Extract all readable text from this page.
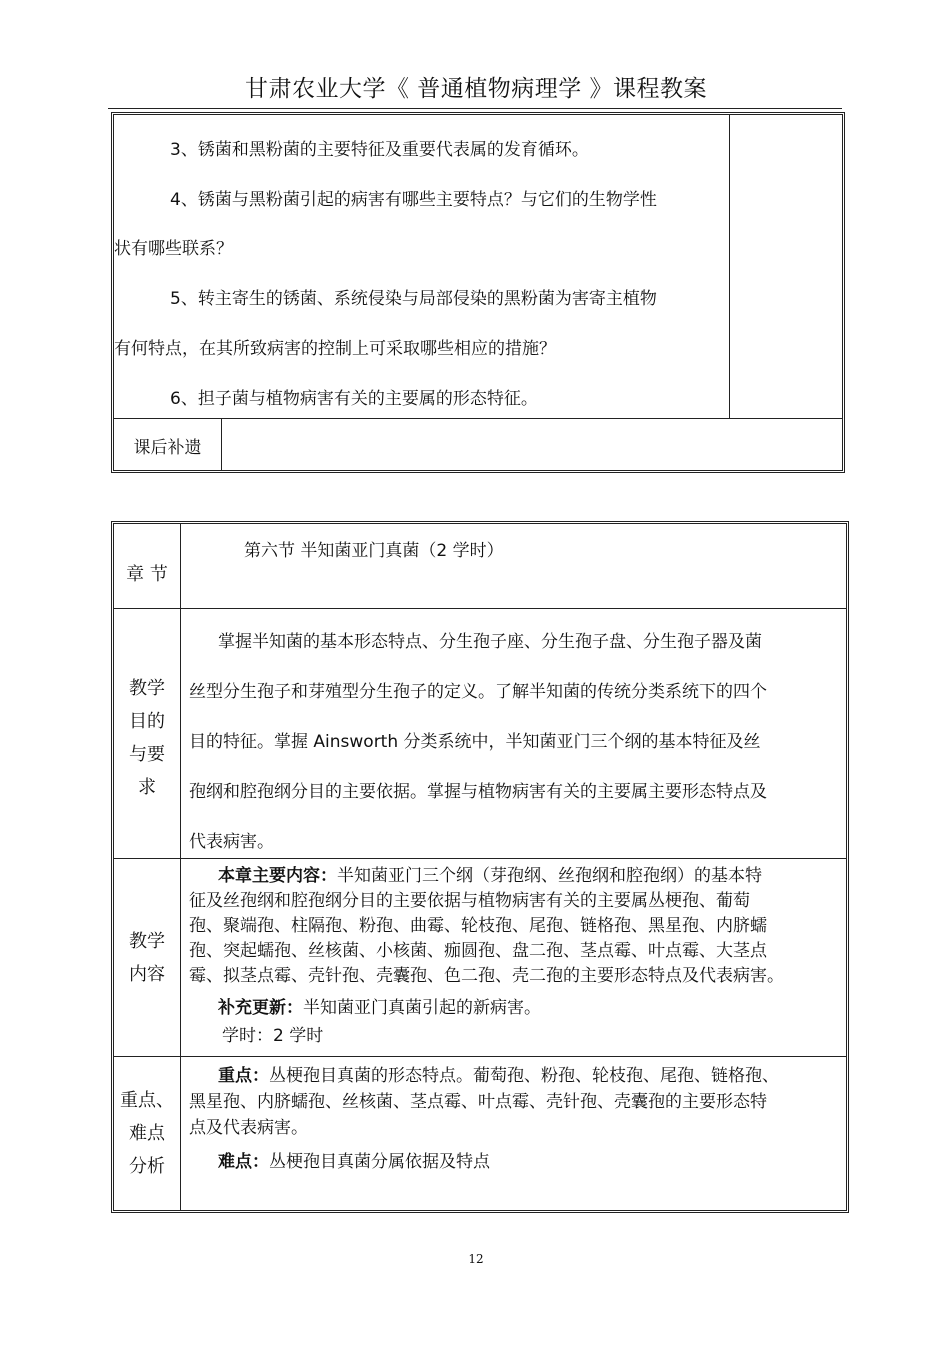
甘肃农业大学《 普通植物病理学 》课程教案
3、锈菌和黑粉菌的主要特征及重要代表属的发育循环。
4、锈菌与黑粉菌引起的病害有哪些主要特点？与它们的生物学性
状有哪些联系？
5、转主寄生的锈菌、系统侵染与局部侵染的黑粉菌为害寄主植物
有何特点，在其所致病害的控制上可采取哪些相应的措施？
6、担子菌与植物病害有关的主要属的形态特征。
课后补遗
章 节
第六节 半知菌亚门真菌（2 学时）
教学
目的
与要
求
掌握半知菌的基本形态特点、分生孢子座、分生孢子盘、分生孢子器及菌
丝型分生孢子和芽殖型分生孢子的定义。了解半知菌的传统分类系统下的四个
目的特征。掌握 Ainsworth 分类系统中，半知菌亚门三个纲的基本特征及丝
孢纲和腔孢纲分目的主要依据。掌握与植物病害有关的主要属主要形态特点及
代表病害。
教学
内容
本章主要内容：半知菌亚门三个纲（芽孢纲、丝孢纲和腔孢纲）的基本特
征及丝孢纲和腔孢纲分目的主要依据与植物病害有关的主要属丛梗孢、葡萄
孢、聚端孢、柱隔孢、粉孢、曲霉、轮枝孢、尾孢、链格孢、黑星孢、内脐蠕
孢、突起蠕孢、丝核菌、小核菌、痂圆孢、盘二孢、茎点霉、叶点霉、大茎点
霉、拟茎点霉、壳针孢、壳囊孢、色二孢、壳二孢的主要形态特点及代表病害。
补充更新：半知菌亚门真菌引起的新病害。
学时：2 学时
重点、
难点
分析
重点：丛梗孢目真菌的形态特点。葡萄孢、粉孢、轮枝孢、尾孢、链格孢、
黑星孢、内脐蠕孢、丝核菌、茎点霉、叶点霉、壳针孢、壳囊孢的主要形态特
点及代表病害。
难点：丛梗孢目真菌分属依据及特点
12
